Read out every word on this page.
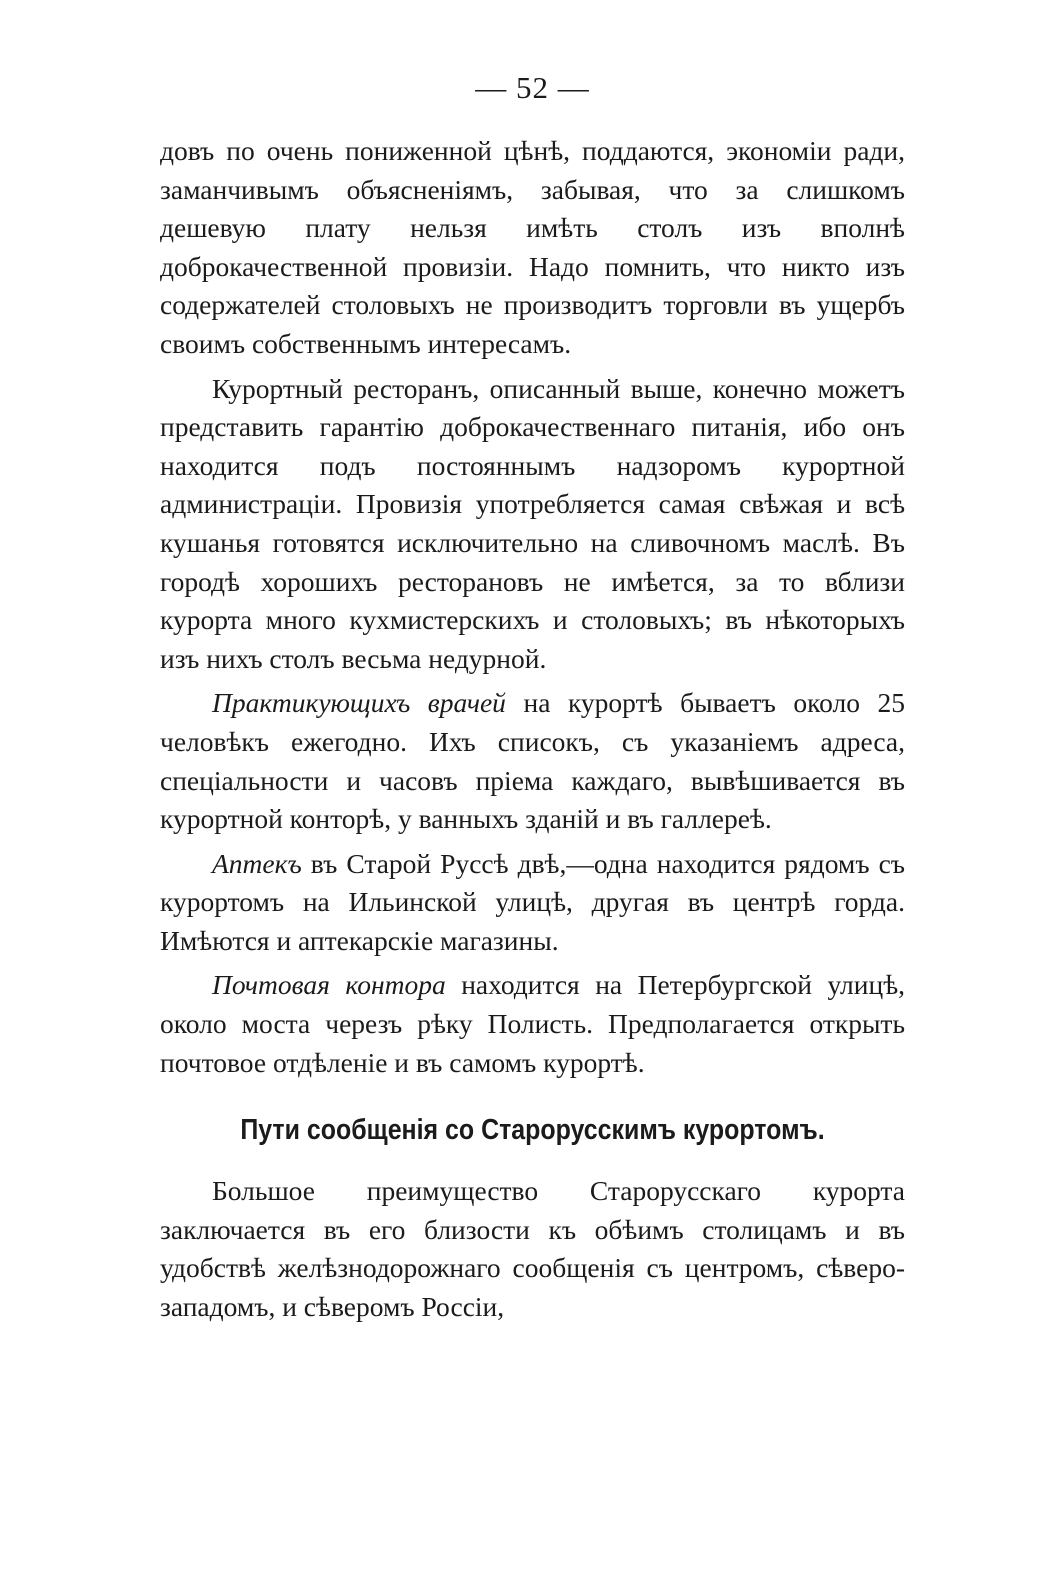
— 52 —

довъ по очень пониженной цѣнѣ, поддаются, экономіи ради, заманчивымъ объясненіямъ, забывая, что за слишкомъ дешевую плату нельзя имѣть столъ изъ вполнѣ доброкачественной провизіи. Надо помнить, что никто изъ содержателей столовыхъ не производитъ торговли въ ущербъ своимъ собственнымъ интересамъ.

Курортный ресторанъ, описанный выше, конечно можетъ представить гарантію доброкачественнаго питанія, ибо онъ находится подъ постояннымъ надзоромъ курортной администраціи. Провизія употребляется самая свѣжая и всѣ кушанья готовятся исключительно на сливочномъ маслѣ. Въ городѣ хорошихъ ресторановъ не имѣется, за то вблизи курорта много кухмистерскихъ и столовыхъ; въ нѣкоторыхъ изъ нихъ столъ весьма недурной.

Практикующихъ врачей на курортѣ бываетъ около 25 человѣкъ ежегодно. Ихъ списокъ, съ указаніемъ адреса, спеціальности и часовъ пріема каждаго, вывѣшивается въ курортной конторѣ, у ванныхъ зданій и въ галлереѣ.

Аптекъ въ Старой Руссѣ двѣ,—одна находится рядомъ съ курортомъ на Ильинской улицѣ, другая въ центрѣ горда. Имѣются и аптекарскіе магазины.

Почтовая контора находится на Петербургской улицѣ, около моста черезъ рѣку Полисть. Предполагается открыть почтовое отдѣленіе и въ самомъ курортѣ.

Пути сообщенія со Старорусскимъ курортомъ.

Большое преимущество Старорусскаго курорта заключается въ его близости къ обѣимъ столицамъ и въ удобствѣ желѣзнодорожнаго сообщенія съ центромъ, сѣверо-западомъ, и сѣверомъ Россіи,
